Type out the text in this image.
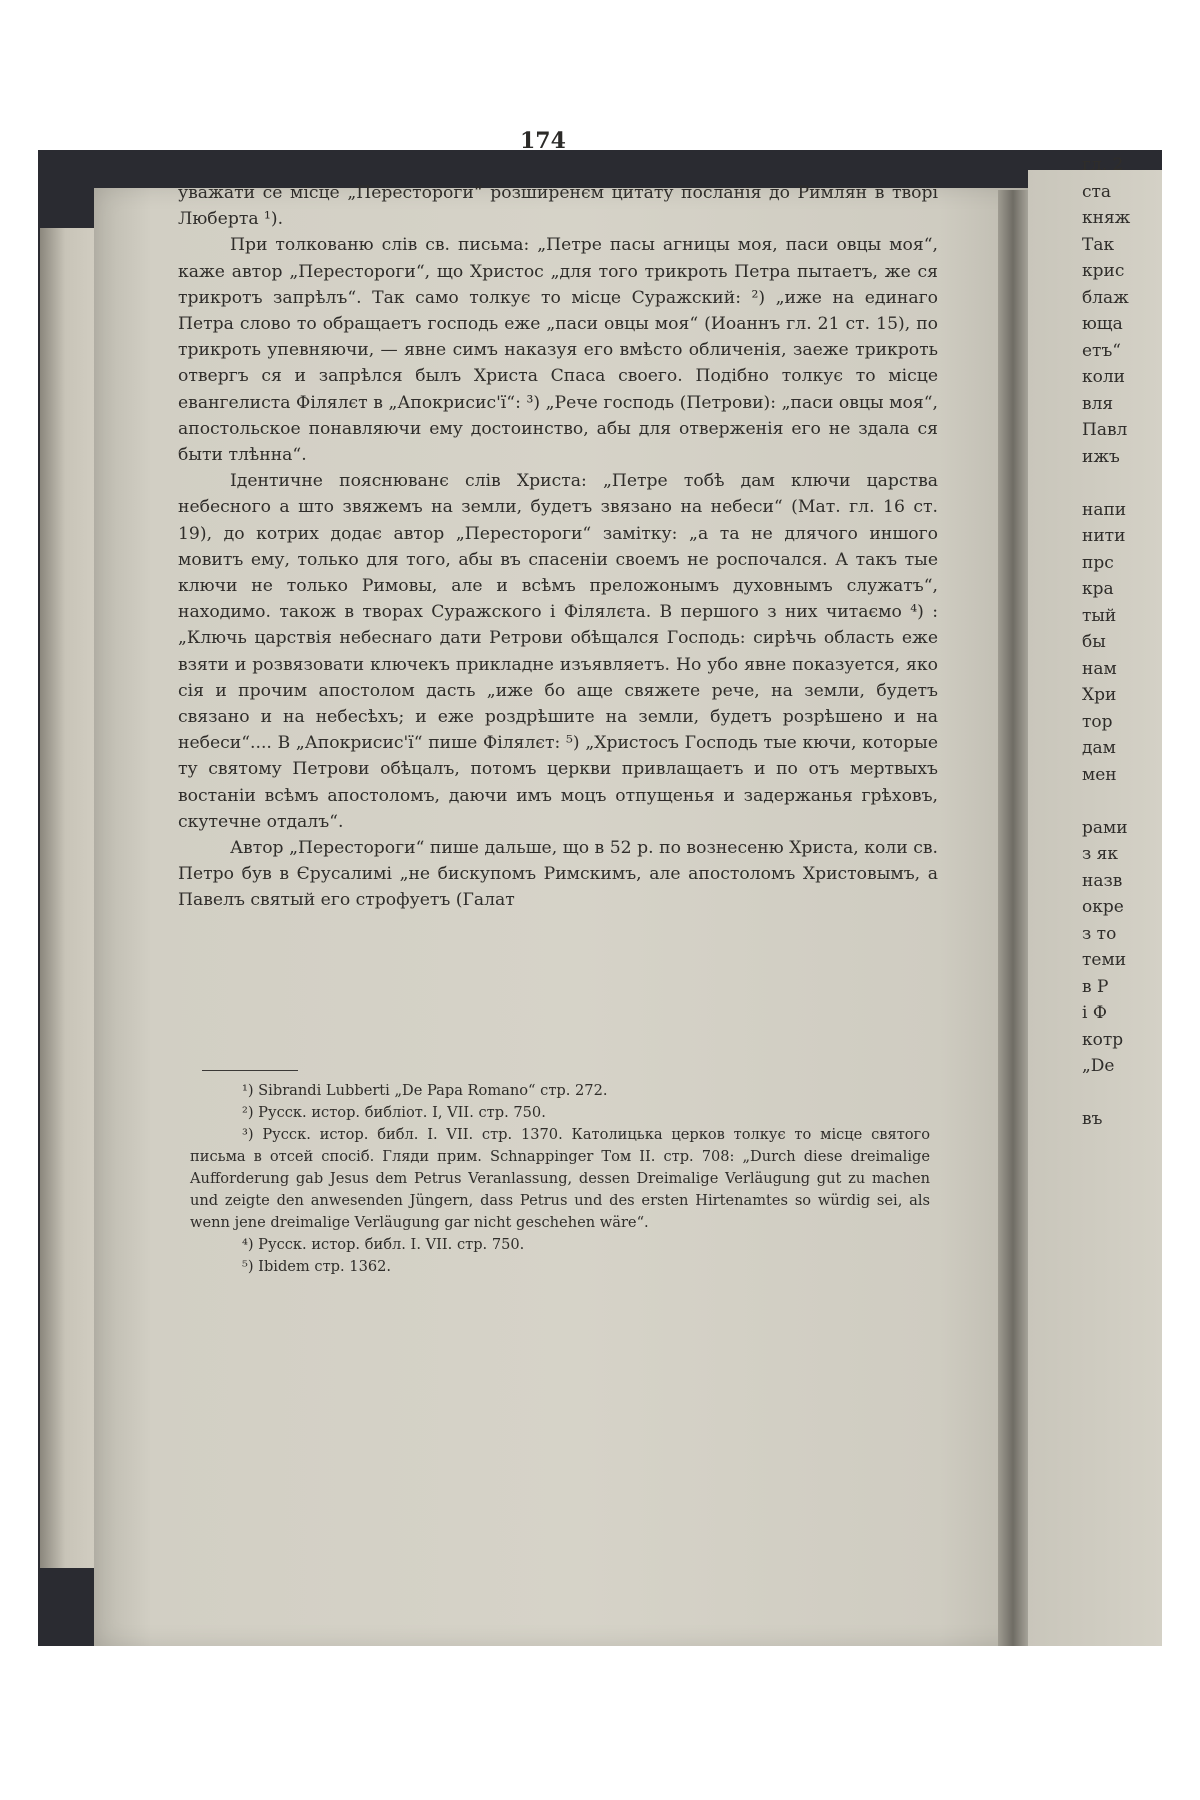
174

уважати се місце „Перестороги“ розширенєм цитату посланія до Римлян в творі Люберта ¹).

При толкованю слів св. письма: „Петре пасы агницы моя, паси овцы моя“, каже автор „Перестороги“, що Христос „для того трикроть Петра пытаетъ, же ся трикротъ запрѣлъ“. Так само толкує то місце Суражский: ²) „иже на единаго Петра слово то обращаетъ господь еже „паси овцы моя“ (Иоаннъ гл. 21 ст. 15), по трикроть упевняючи, — явне симъ наказуя его вмѣсто обличенія, заеже трикроть отвергъ ся и запрѣлся былъ Христа Спаса своего. Подібно толкує то місце евангелиста Філялєт в „Апокрисис'ї“: ³) „Рече господь (Петрови): „паси овцы моя“, апостольское понавляючи ему достоинство, абы для отверженія его не здала ся быти тлѣнна“.

Ідентичне пояснюванє слів Христа: „Петре тобѣ дам ключи царства небесного а што звяжемъ на земли, будетъ звязано на небеси“ (Мат. гл. 16 ст. 19), до котрих додає автор „Перестороги“ замітку: „а та не длячого иншого мовитъ ему, только для того, абы въ спасеніи своемъ не роспочался. А такъ тые ключи не только Римовы, але и всѣмъ преложонымъ духовнымъ служатъ“, находимо. також в творах Суражского і Філялєта. В першого з них читаємо ⁴) : „Ключь царствія небеснаго дати Ретрови обѣщался Господь: сирѣчь область еже взяти и розвязовати ключекъ прикладне изъявляетъ. Но убо явне показуется, яко сія и прочим апостолом дасть „иже бо аще свяжете рече, на земли, будетъ связано и на небесѣхъ; и еже роздрѣшите на земли, будетъ розрѣшено и на небеси“.... В „Апокрисис'ї“ пише Філялєт: ⁵) „Христосъ Господь тые кючи, которые ту святому Петрови обѣцалъ, потомъ церкви привлащаетъ и по отъ мертвыхъ востаніи всѣмъ апостоломъ, даючи имъ моцъ отпущенья и задержанья грѣховъ, скутечне отдалъ“.

Автор „Перестороги“ пише дальше, що в 52 р. по вознесеню Христа, коли св. Петро був в Єрусалимі „не бискупомъ Римскимъ, але апостоломъ Христовымъ, а Павелъ святый его строфуетъ (Галат

¹) Sibrandi Lubberti „De Papa Romano“ стр. 272.

²) Руcск. истор. библіот. I, VII. стр. 750.

³) Руcск. истор. библ. I. VII. стр. 1370. Католицька церков толкує то місце святого письма в отсей спосіб. Гляди прим. Schnappinger Том II. стр. 708: „Durch diese dreimalige Aufforderung gab Jesus dem Petrus Veranlassung, dessen Dreimalige Verläugung gut zu machen und zeigte den anwesenden Jüngern, dass Petrus und des ersten Hirtenamtes so würdig sei, als wenn jene dreimalige Verläugung gar nicht geschehen wäre“.

⁴) Руcск. истор. библ. I. VII. стр. 750.

⁵) Ibidem стр. 1362.

гл. 2
ста
княж
Так
крис
блаж
юща
етъ“
коли
вля
Павл
ижъ
напи
нити
прс
кра
тый
бы
нам
Хри
тор
дам
мен
рами
з як
назв
окре
з то
теми
в Р
і Ф
котр
„De
въ
